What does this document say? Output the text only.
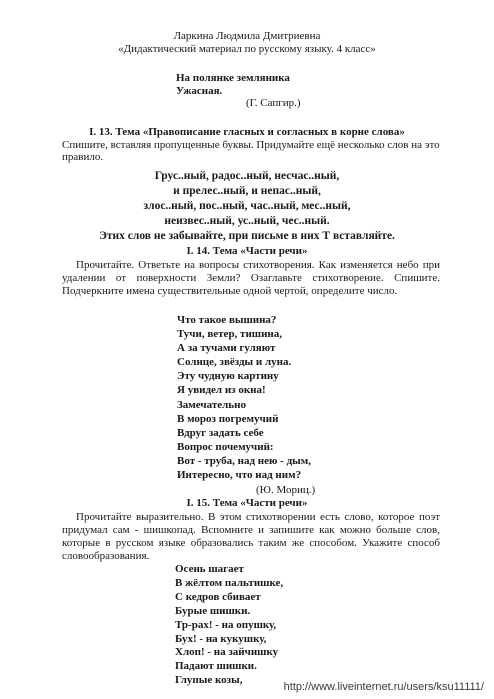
Ларкина Людмила Дмитриевна
«Дидактический материал по русскому языку. 4 класс»
На полянке земляника
Ужасная.
(Г. Сапгир.)
I. 13. Тема «Правописание гласных и согласных в корне слова»
Спишите, вставляя пропущенные буквы. Придумайте ещё несколько слов на это
правило.
Грус..ный, радос..ный, несчас..ный,
и прелес..ный, и непас..ный,
злос..ный, пос..ный, час..ный, мес..ный,
неизвес..ный, ус..ный, чес..ный.
Этих слов не забывайте, при письме в них Т вставляйте.
I. 14. Тема «Части речи»
Прочитайте. Ответьте на вопросы стихотворения. Как изменяется небо при удалении от поверхности Земли? Озаглавьте стихотворение. Спишите. Подчеркните имена существительные одной чертой, определите число.
Что такое вышина?
Тучи, ветер, тишина,
А за тучами гуляют
Солнце, звёзды и луна.
Эту чудную картину
Я увидел из окна!
Замечательно
В мороз погремучий
Вдруг задать себе
Вопрос почемучий:
Вот - труба, над нею - дым,
Интересно, что над ним?
(Ю. Мориц.)
I. 15. Тема «Части речи»
Прочитайте выразительно. В этом стихотворении есть слово, которое поэт придумал сам - шишкопад. Вспомните и запишите как можно больше слов, которые в русском языке образовались таким же способом. Укажите способ словообразования.
Осень шагает
В жёлтом пальтишке,
С кедров сбивает
Бурые шишки.
Тр-рах! - на опушку,
Бух! - на кукушку,
Хлоп! - на зайчишку
Падают шишки.
Глупые козы,
http://www.liveinternet.ru/users/ksu11111/
